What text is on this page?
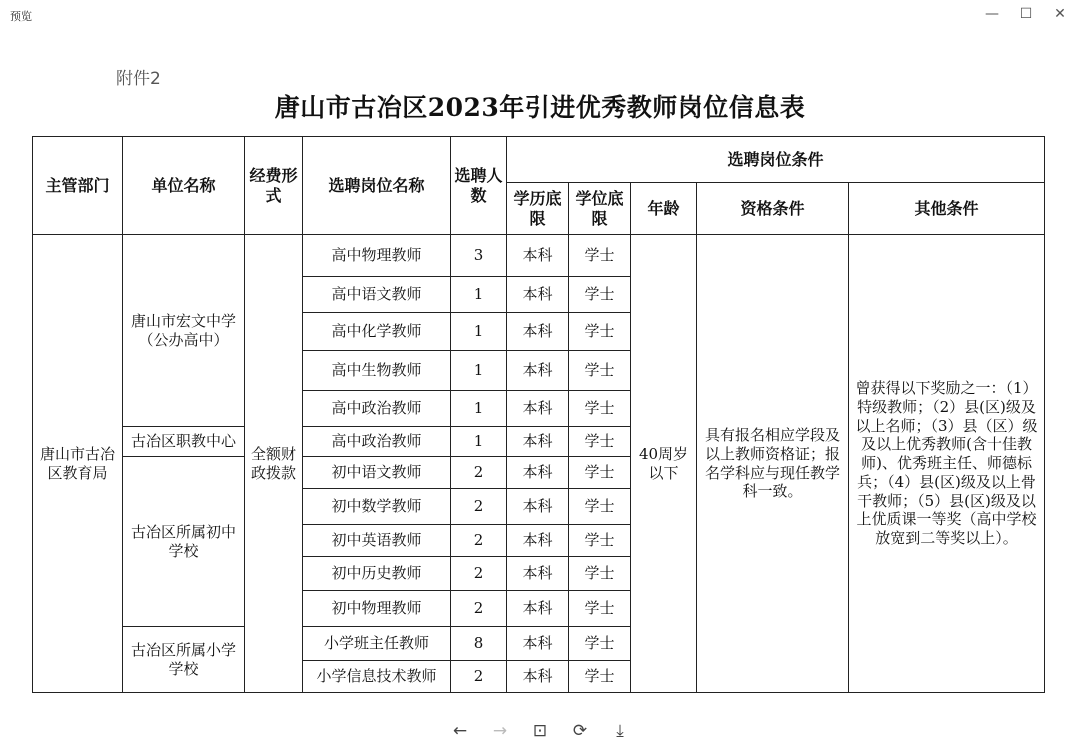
预览	—	☐	✕
附件2
唐山市古冶区2023年引进优秀教师岗位信息表
主管部门	单位名称	经费形式	选聘岗位名称	选聘人数	选聘岗位条件				
					学历底限	学位底限	年龄	资格条件	其他条件
唐山市古冶区教育局	唐山市宏文中学（公办高中）	全额财政拨款	高中物理教师	3	本科	学士	40周岁以下	具有报名相应学段及以上教师资格证；报名学科应与现任教学科一致。	曾获得以下奖励之一：（1）特级教师；（2）县(区)级及以上名师；（3）县（区）级及以上优秀教师(含十佳教师)、优秀班主任、师德标兵；（4）县(区)级及以上骨干教师；（5）县(区)级及以上优质课一等奖（高中学校放宽到二等奖以上）。
			高中语文教师	1	本科	学士			
			高中化学教师	1	本科	学士			
			高中生物教师	1	本科	学士			
			高中政治教师	1	本科	学士			
	古冶区职教中心		高中政治教师	1	本科	学士			
	古冶区所属初中学校		初中语文教师	2	本科	学士			
			初中数学教师	2	本科	学士			
			初中英语教师	2	本科	学士			
			初中历史教师	2	本科	学士			
			初中物理教师	2	本科	学士			
	古冶区所属小学学校		小学班主任教师	8	本科	学士			
			小学信息技术教师	2	本科	学士			
←	→	⊡	⟳	⤓
